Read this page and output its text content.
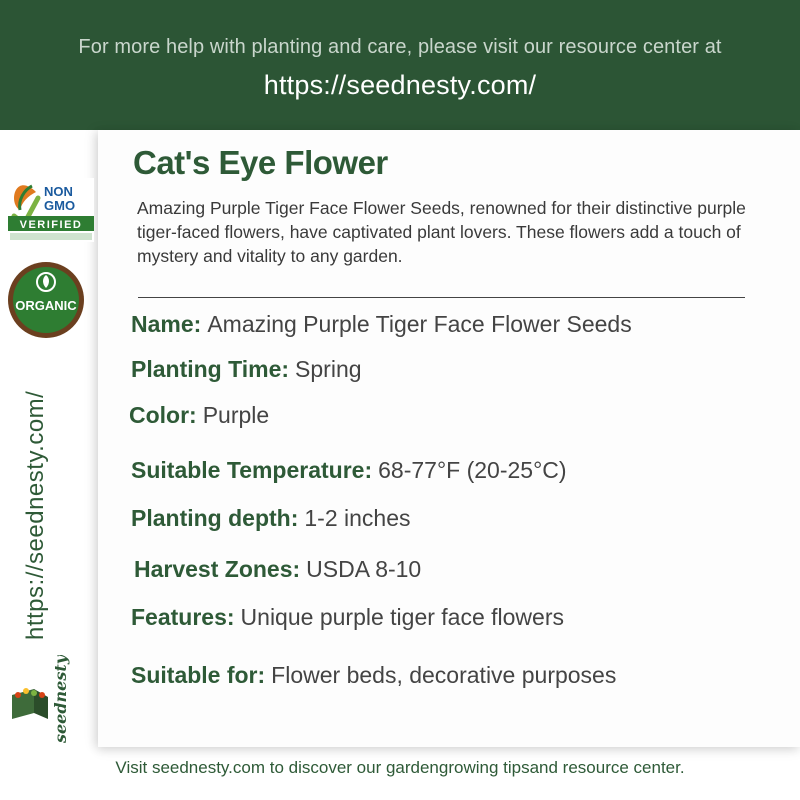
For more help with planting and care, please visit our resource center at
https://seednesty.com/
Cat's Eye Flower
Amazing Purple Tiger Face Flower Seeds, renowned for their distinctive purple tiger-faced flowers, have captivated plant lovers. These flowers add a touch of mystery and vitality to any garden.
Name: Amazing Purple Tiger Face Flower Seeds
Planting Time: Spring
Color: Purple
Suitable Temperature: 68-77°F (20-25°C)
Planting depth: 1-2 inches
Harvest Zones: USDA 8-10
Features: Unique purple tiger face flowers
Suitable for: Flower beds, decorative purposes
NON
GMO
VERIFIED
ORGANIC
https://seednesty.com/
seednesty
Visit seednesty.com to discover our gardengrowing tipsand resource center.
